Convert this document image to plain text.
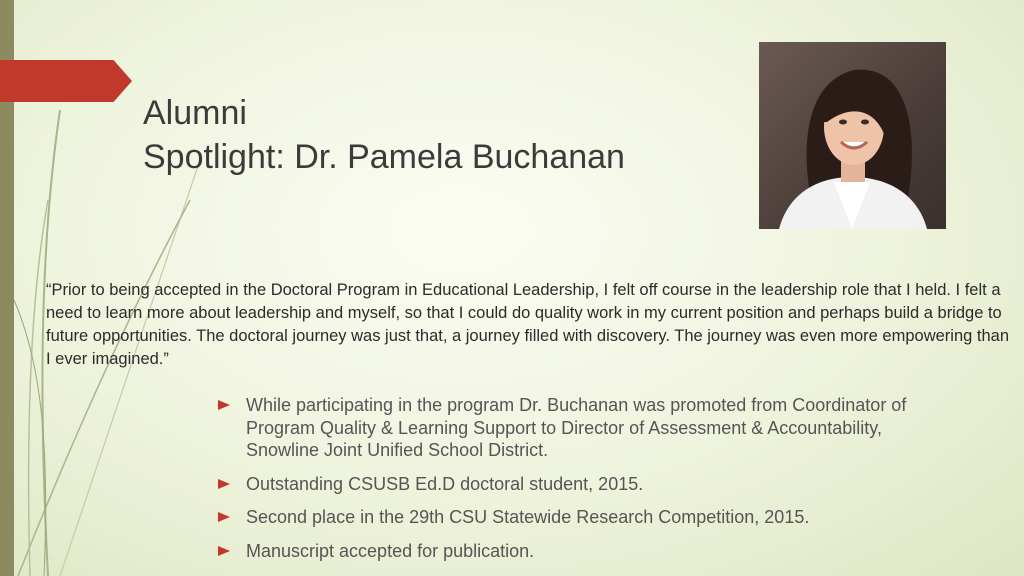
Alumni
Spotlight: Dr. Pamela Buchanan

“Prior to being accepted in the Doctoral Program in Educational Leadership, I felt off course in the leadership role that I held. I felt a need to learn more about leadership and myself, so that I could do quality work in my current position and perhaps build a bridge to future opportunities. The doctoral journey was just that, a journey filled with discovery. The journey was even more empowering than I ever imagined.”

While participating in the program Dr. Buchanan was promoted from Coordinator of Program Quality & Learning Support to Director of Assessment & Accountability, Snowline Joint Unified School District.
Outstanding CSUSB Ed.D doctoral student, 2015.
Second place in the 29th CSU Statewide Research Competition, 2015.
Manuscript accepted for publication.
